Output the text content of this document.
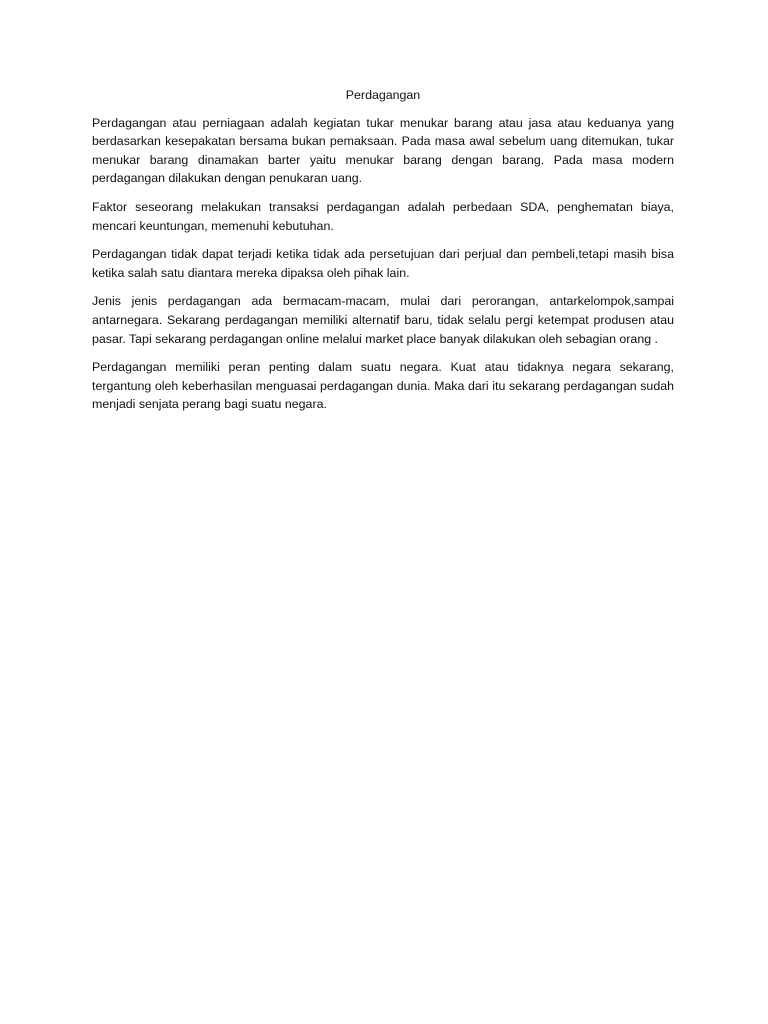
Perdagangan

Perdagangan atau perniagaan adalah kegiatan tukar menukar barang atau jasa atau keduanya yang berdasarkan kesepakatan bersama bukan pemaksaan. Pada masa awal sebelum uang ditemukan, tukar menukar barang dinamakan barter yaitu menukar barang dengan barang. Pada masa modern perdagangan dilakukan dengan penukaran uang.

Faktor seseorang melakukan transaksi perdagangan adalah perbedaan SDA, penghematan biaya, mencari keuntungan, memenuhi kebutuhan.

Perdagangan tidak dapat terjadi ketika tidak ada persetujuan dari perjual dan pembeli,tetapi masih bisa ketika salah satu diantara mereka dipaksa oleh pihak lain.

Jenis jenis perdagangan ada bermacam-macam, mulai dari perorangan, antarkelompok,sampai antarnegara. Sekarang perdagangan memiliki alternatif baru, tidak selalu pergi ketempat produsen atau pasar. Tapi sekarang perdagangan online melalui market place banyak dilakukan oleh sebagian orang .

Perdagangan memiliki peran penting dalam suatu negara. Kuat atau tidaknya negara sekarang, tergantung oleh keberhasilan menguasai perdagangan dunia. Maka dari itu sekarang perdagangan sudah menjadi senjata perang bagi suatu negara.
